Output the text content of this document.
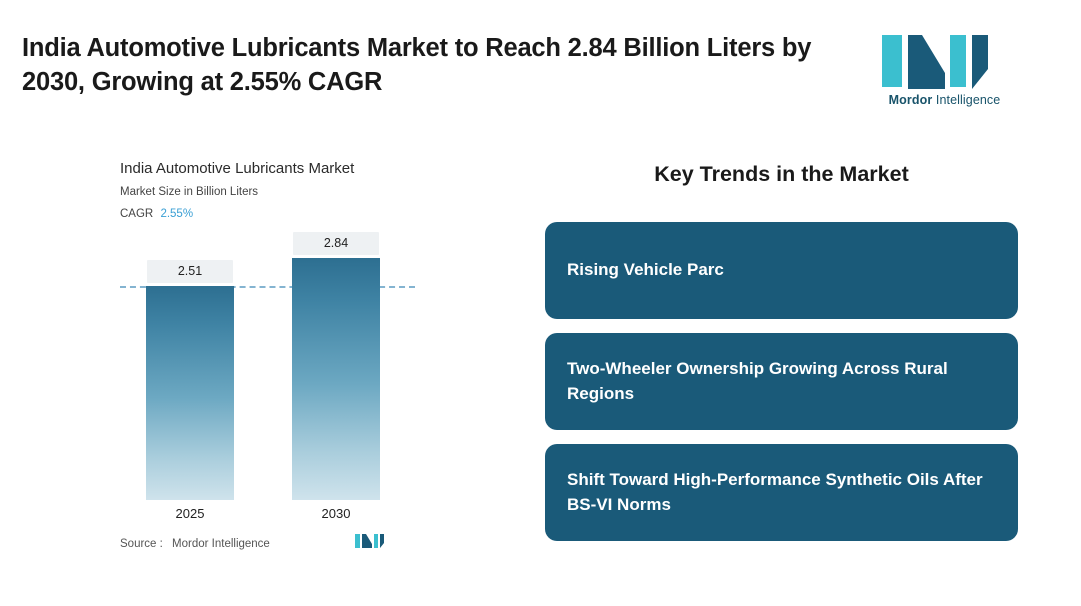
India Automotive Lubricants Market to Reach 2.84 Billion Liters by 2030, Growing at 2.55% CAGR
Mordor Intelligence
India Automotive Lubricants Market
Market Size in Billion Liters
CAGR 2.55%
2.51
2.84
2025	2030
Source : Mordor Intelligence
Key Trends in the Market
Rising Vehicle Parc
Two-Wheeler Ownership Growing Across Rural Regions
Shift Toward High-Performance Synthetic Oils After BS-VI Norms
